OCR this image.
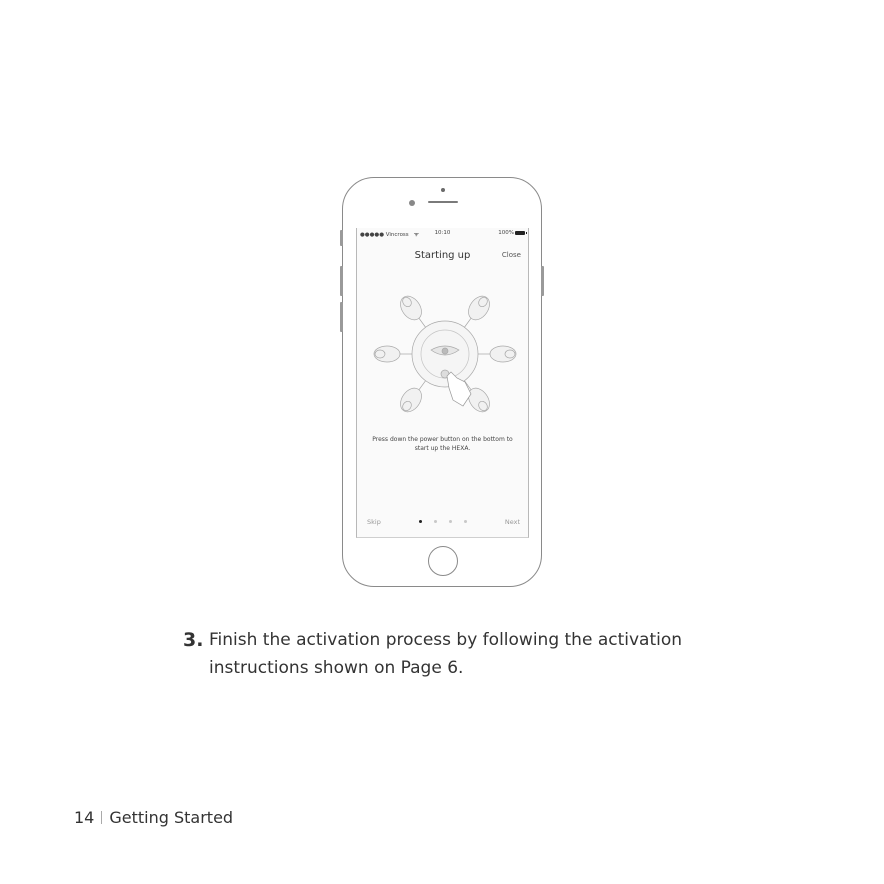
●●●●● Vincross ᯤ	10:10	100%
Starting up	Close
Press down the power button on the bottom to
start up the HEXA.
Skip	Next
3. Finish the activation process by following the activation
instructions shown on Page 6.
14 Getting Started
